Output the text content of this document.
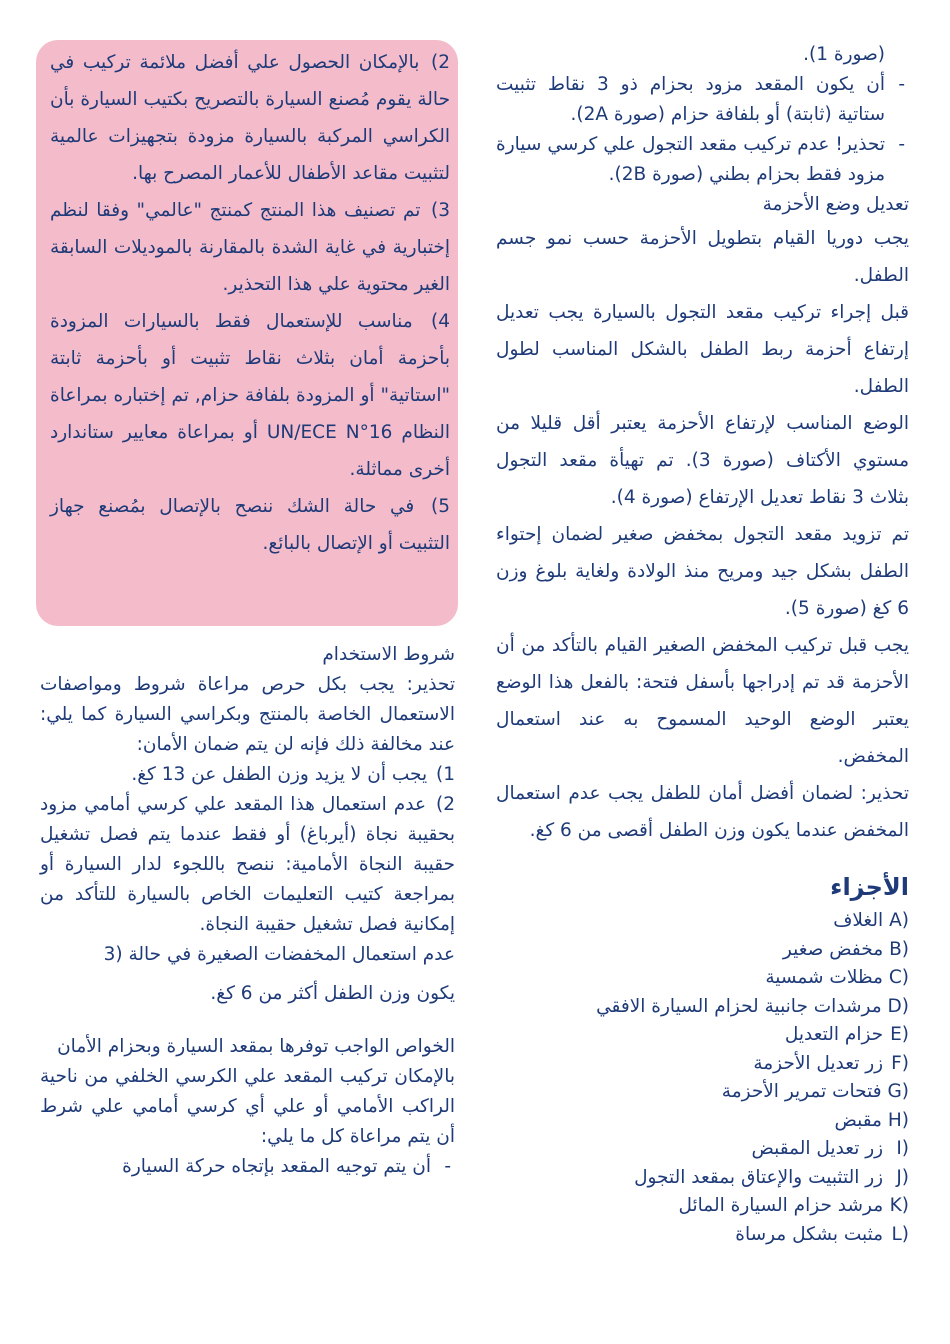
2) بالإمكان الحصول علي أفضل ملائمة تركيب في حالة يقوم مُصنع السيارة بالتصريح بكتيب السيارة بأن الكراسي المركبة بالسيارة مزودة بتجهيزات عالمية لتثبيت مقاعد الأطفال للأعمار المصرح بها.

3) تم تصنيف هذا المنتج كمنتج "عالمي" وفقا لنظم إختبارية في غاية الشدة بالمقارنة بالموديلات السابقة الغير محتوية علي هذا التحذير.

4) مناسب للإستعمال فقط بالسيارات المزودة بأحزمة أمان بثلاث نقاط تثبيت أو بأحزمة ثابتة "استاتية" أو المزودة بلفافة حزام, تم إختباره بمراعاة النظام UN/ECE N°16 أو بمراعاة معايير ستاندارد أخرى مماثلة.

5) في حالة الشك ننصح بالإتصال بمُصنع جهاز التثبيت أو الإتصال بالبائع.

شروط الاستخدام

تحذير: يجب بكل حرص مراعاة شروط ومواصفات الاستعمال الخاصة بالمنتج وبكراسي السيارة كما يلي: عند مخالفة ذلك فإنه لن يتم ضمان الأمان:

1) يجب أن لا يزيد وزن الطفل عن 13 كغ.

2) عدم استعمال هذا المقعد علي كرسي أمامي مزود بحقيبة نجاة (أيرباغ) أو فقط عندما يتم فصل تشغيل حقيبة النجاة الأمامية: ننصح باللجوء لدار السيارة أو بمراجعة كتيب التعليمات الخاص بالسيارة للتأكد من إمكانية فصل تشغيل حقيبة النجاة.

عدم استعمال المخفضات الصغيرة في حالة (3

يكون وزن الطفل أكثر من 6 كغ.

الخواص الواجب توفرها بمقعد السيارة وبحزام الأمان

بالإمكان تركيب المقعد علي الكرسي الخلفي من ناحية الراكب الأمامي أو علي أي كرسي أمامي علي شرط أن يتم مراعاة كل ما يلي:

- أن يتم توجيه المقعد بإتجاه حركة السيارة

(صورة 1).

- أن يكون المقعد مزود بحزام ذو 3 نقاط تثبيت ستاتية (ثابتة) أو بلفافة حزام (صورة 2A).

- تحذير! عدم تركيب مقعد التجول علي كرسي سيارة مزود فقط بحزام بطني (صورة 2B).

تعديل وضع الأحزمة

يجب دوريا القيام بتطويل الأحزمة حسب نمو جسم الطفل.

قبل إجراء تركيب مقعد التجول بالسيارة يجب تعديل إرتفاع أحزمة ربط الطفل بالشكل المناسب لطول الطفل.

الوضع المناسب لإرتفاع الأحزمة يعتبر أقل قليلا من مستوي الأكتاف (صورة 3). تم تهيأة مقعد التجول بثلاث 3 نقاط تعديل الإرتفاع (صورة 4).

تم تزويد مقعد التجول بمخفض صغير لضمان إحتواء الطفل بشكل جيد ومريح منذ الولادة ولغاية بلوغ وزن 6 كغ (صورة 5).

يجب قبل تركيب المخفض الصغير القيام بالتأكد من أن الأحزمة قد تم إدراجها بأسفل فتحة: بالفعل هذا الوضع يعتبر الوضع الوحيد المسموح به عند استعمال المخفض.

تحذير: لضمان أفضل أمان للطفل يجب عدم استعمال المخفض عندما يكون وزن الطفل أقصى من 6 كغ.

الأجزاء

A) الغلاف
B) مخفض صغير
C) مظلات شمسية
D) مرشدات جانبية لحزام السيارة الافقي
E) حزام التعديل
F) زر تعديل الأحزمة
G) فتحات تمرير الأحزمة
H) مقبض
I) زر تعديل المقبض
J) زر التثبيت والإعتاق بمقعد التجول
K) مرشد حزام السيارة المائل
L) مثبت بشكل مرساة
